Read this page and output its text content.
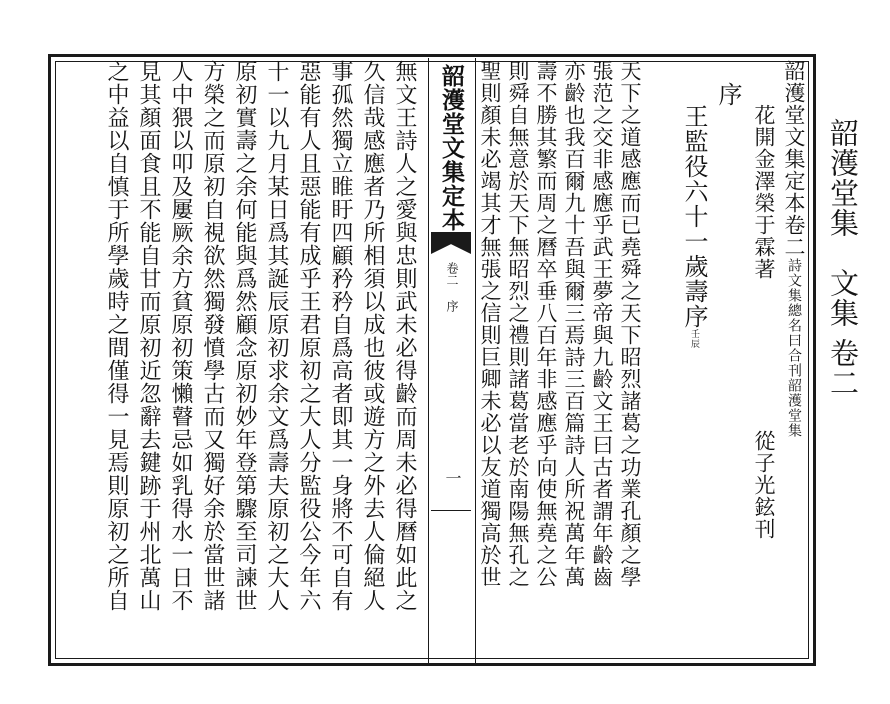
韶濩堂集　文集 卷二
韶濩堂文集定本卷二詩文集總名曰合刊韶濩堂集
花開金澤榮于霖著從子光鉉刊
序
王監役六十一歲壽序壬辰
天下之道感應而已堯舜之天下昭烈諸葛之功業孔顏之學
張范之交非感應乎武王夢帝與九齡文王曰古者謂年齡齒
亦齡也我百爾九十吾與爾三焉詩三百篇詩人所祝萬年萬
壽不勝其繁而周之曆卒垂八百年非感應乎向使無堯之公
則舜自無意於天下無昭烈之禮則諸葛當老於南陽無孔之
韶濩堂文集定本
卷二 序
一
無文王詩人之愛與忠則武未必得齡而周未必得曆如此之
久信哉感應者乃所相須以成也彼或遊方之外去人倫絕人
事孤然獨立睢盱四顧矜矜自爲高者即其一身將不可自有
惡能有人且惡能有成乎王君原初之大人分監役公今年六
十一以九月某日爲其誕辰原初求余文爲壽夫原初之大人
原初實壽之余何能與爲然顧念原初妙年登第驟至司諫世
方榮之而原初自視欲然獨發憤學古而又獨好余於當世諸
人中猥以叩及屢厥余方貧原初策懶瞽忌如乳得水一日不
見其顏面食且不能自甘而原初近忽辭去鍵跡于州北萬山
之中益以自慎于所學歲時之間僅得一見焉則原初之所自	聖則顏未必竭其才無張之信則巨卿未必以友道獨高於世
